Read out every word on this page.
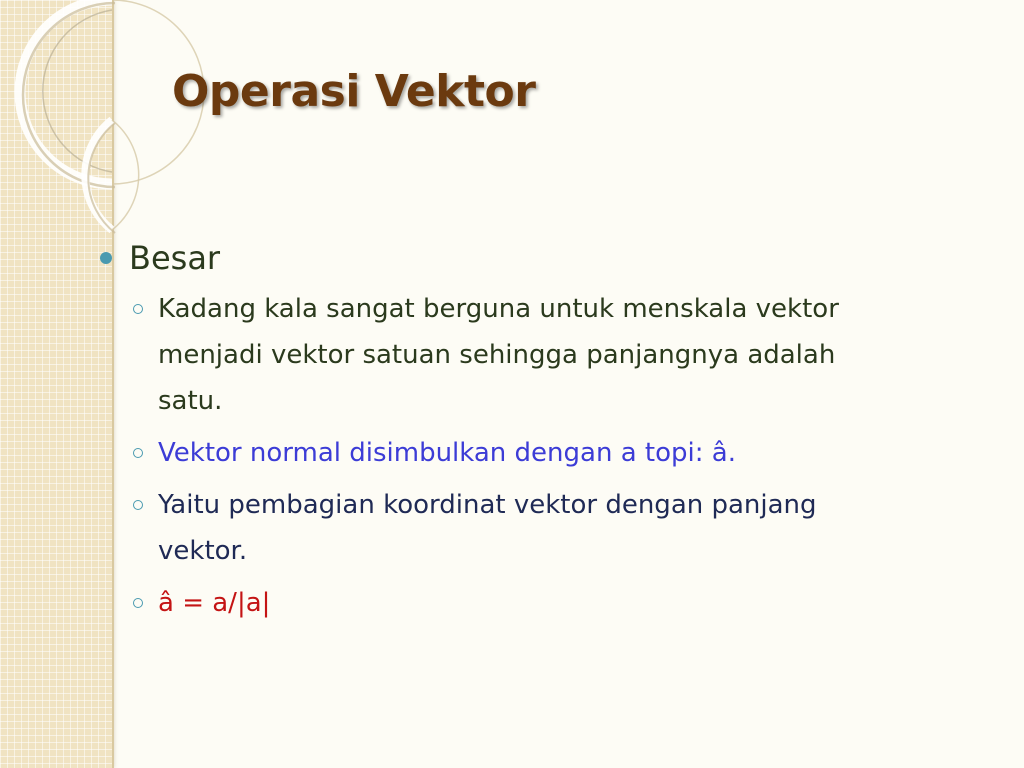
Operasi Vektor
Besar
Kadang kala sangat berguna untuk menskala vektor menjadi vektor satuan sehingga panjangnya adalah satu.
Vektor normal disimbulkan dengan a topi: â.
Yaitu pembagian koordinat vektor dengan panjang vektor.
â = a/|a|
